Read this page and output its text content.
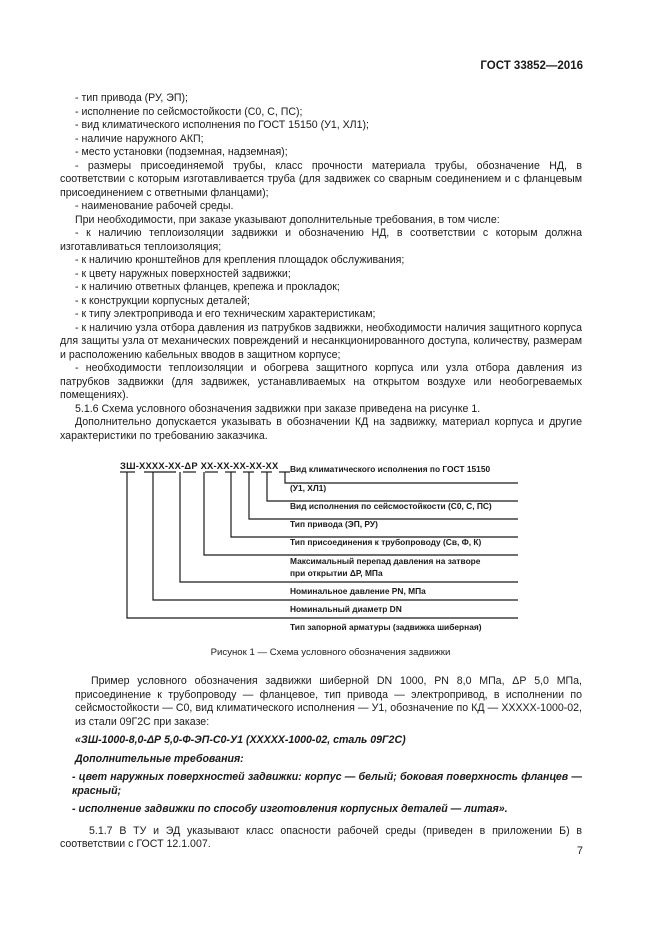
ГОСТ 33852—2016

- тип привода (РУ, ЭП);

- исполнение по сейсмостойкости (С0, С, ПС);

- вид климатического исполнения по ГОСТ 15150 (У1, ХЛ1);

- наличие наружного АКП;

- место установки (подземная, надземная);

- размеры присоединяемой трубы, класс прочности материала трубы, обозначение НД, в соответствии с которым изготавливается труба (для задвижек со сварным соединением и с фланцевым присоединением с ответными фланцами);

- наименование рабочей среды.

При необходимости, при заказе указывают дополнительные требования, в том числе:

- к наличию теплоизоляции задвижки и обозначению НД, в соответствии с которым должна изготавливаться теплоизоляция;

- к наличию кронштейнов для крепления площадок обслуживания;

- к цвету наружных поверхностей задвижки;

- к наличию ответных фланцев, крепежа и прокладок;

- к конструкции корпусных деталей;

- к типу электропривода и его техническим характеристикам;

- к наличию узла отбора давления из патрубков задвижки, необходимости наличия защитного корпуса для защиты узла от механических повреждений и несанкционированного доступа, количеству, размерам и расположению кабельных вводов в защитном корпусе;

- необходимости теплоизоляции и обогрева защитного корпуса или узла отбора давления из патрубков задвижки (для задвижек, устанавливаемых на открытом воздухе или необогреваемых помещениях).

5.1.6 Схема условного обозначения задвижки при заказе приведена на рисунке 1.

Дополнительно допускается указывать в обозначении КД на задвижку, материал корпуса и другие характеристики по требованию заказчика.

ЗШ-ХХХХ-ХХ-ΔР ХХ-ХХ-ХХ-ХХ-ХХ Вид климатического исполнения по ГОСТ 15150
(У1, ХЛ1)
Вид исполнения по сейсмостойкости (С0, С, ПС)
Тип привода (ЭП, РУ)
Тип присоединения к трубопроводу (Св, Ф, К)
Максимальный перепад давления на затворе
при открытии ΔР, МПа
Номинальное давление PN, МПа
Номинальный диаметр DN
Тип запорной арматуры (задвижка шиберная)
Рисунок 1 — Схема условного обозначения задвижки

Пример условного обозначения задвижки шиберной DN 1000, PN 8,0 МПа, ΔР 5,0 МПа, присоединение к трубопроводу — фланцевое, тип привода — электропривод, в исполнении по сейсмостойкости — С0, вид климатического исполнения — У1, обозначение по КД — ХХХХХ-1000-02, из стали 09Г2С при заказе:

«ЗШ-1000-8,0-ΔР 5,0-Ф-ЭП-С0-У1 (ХХХХХ-1000-02, сталь 09Г2С)

Дополнительные требования:

- цвет наружных поверхностей задвижки: корпус — белый; боковая поверхность фланцев — красный;

- исполнение задвижки по способу изготовления корпусных деталей — литая».

5.1.7 В ТУ и ЭД указывают класс опасности рабочей среды (приведен в приложении Б) в соответствии с ГОСТ 12.1.007.

7
